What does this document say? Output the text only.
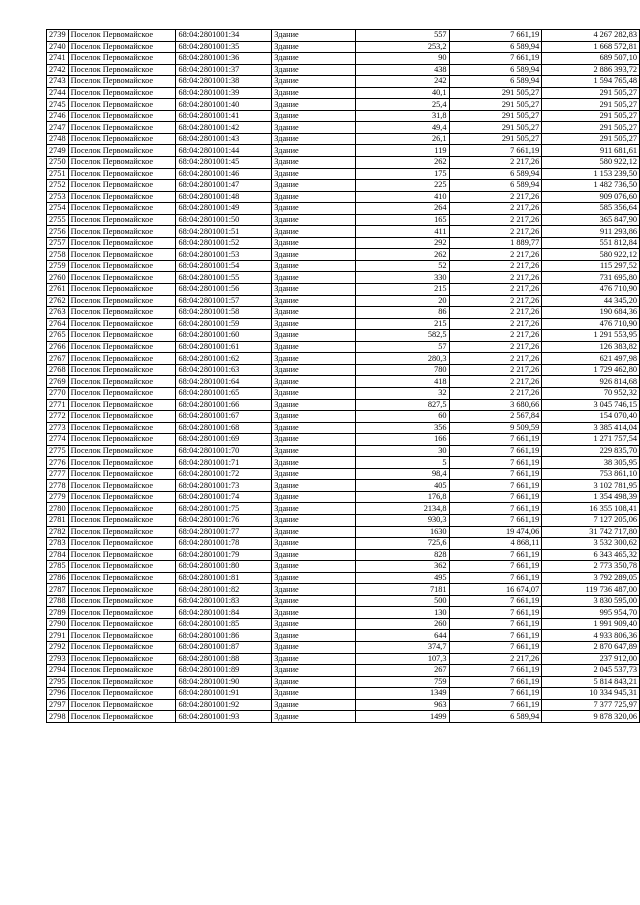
2739	Поселок Первомайское	68:04:2801001:34	Здание	557	7 661,19	4 267 282,83
2740	Поселок Первомайское	68:04:2801001:35	Здание	253,2	6 589,94	1 668 572,81
2741	Поселок Первомайское	68:04:2801001:36	Здание	90	7 661,19	689 507,10
2742	Поселок Первомайское	68:04:2801001:37	Здание	438	6 589,94	2 886 393,72
2743	Поселок Первомайское	68:04:2801001:38	Здание	242	6 589,94	1 594 765,48
2744	Поселок Первомайское	68:04:2801001:39	Здание	40,1	291 505,27	291 505,27
2745	Поселок Первомайское	68:04:2801001:40	Здание	25,4	291 505,27	291 505,27
2746	Поселок Первомайское	68:04:2801001:41	Здание	31,8	291 505,27	291 505,27
2747	Поселок Первомайское	68:04:2801001:42	Здание	49,4	291 505,27	291 505,27
2748	Поселок Первомайское	68:04:2801001:43	Здание	26,1	291 505,27	291 505,27
2749	Поселок Первомайское	68:04:2801001:44	Здание	119	7 661,19	911 681,61
2750	Поселок Первомайское	68:04:2801001:45	Здание	262	2 217,26	580 922,12
2751	Поселок Первомайское	68:04:2801001:46	Здание	175	6 589,94	1 153 239,50
2752	Поселок Первомайское	68:04:2801001:47	Здание	225	6 589,94	1 482 736,50
2753	Поселок Первомайское	68:04:2801001:48	Здание	410	2 217,26	909 076,60
2754	Поселок Первомайское	68:04:2801001:49	Здание	264	2 217,26	585 356,64
2755	Поселок Первомайское	68:04:2801001:50	Здание	165	2 217,26	365 847,90
2756	Поселок Первомайское	68:04:2801001:51	Здание	411	2 217,26	911 293,86
2757	Поселок Первомайское	68:04:2801001:52	Здание	292	1 889,77	551 812,84
2758	Поселок Первомайское	68:04:2801001:53	Здание	262	2 217,26	580 922,12
2759	Поселок Первомайское	68:04:2801001:54	Здание	52	2 217,26	115 297,52
2760	Поселок Первомайское	68:04:2801001:55	Здание	330	2 217,26	731 695,80
2761	Поселок Первомайское	68:04:2801001:56	Здание	215	2 217,26	476 710,90
2762	Поселок Первомайское	68:04:2801001:57	Здание	20	2 217,26	44 345,20
2763	Поселок Первомайское	68:04:2801001:58	Здание	86	2 217,26	190 684,36
2764	Поселок Первомайское	68:04:2801001:59	Здание	215	2 217,26	476 710,90
2765	Поселок Первомайское	68:04:2801001:60	Здание	582,5	2 217,26	1 291 553,95
2766	Поселок Первомайское	68:04:2801001:61	Здание	57	2 217,26	126 383,82
2767	Поселок Первомайское	68:04:2801001:62	Здание	280,3	2 217,26	621 497,98
2768	Поселок Первомайское	68:04:2801001:63	Здание	780	2 217,26	1 729 462,80
2769	Поселок Первомайское	68:04:2801001:64	Здание	418	2 217,26	926 814,68
2770	Поселок Первомайское	68:04:2801001:65	Здание	32	2 217,26	70 952,32
2771	Поселок Первомайское	68:04:2801001:66	Здание	827,5	3 680,66	3 045 746,15
2772	Поселок Первомайское	68:04:2801001:67	Здание	60	2 567,84	154 070,40
2773	Поселок Первомайское	68:04:2801001:68	Здание	356	9 509,59	3 385 414,04
2774	Поселок Первомайское	68:04:2801001:69	Здание	166	7 661,19	1 271 757,54
2775	Поселок Первомайское	68:04:2801001:70	Здание	30	7 661,19	229 835,70
2776	Поселок Первомайское	68:04:2801001:71	Здание	5	7 661,19	38 305,95
2777	Поселок Первомайское	68:04:2801001:72	Здание	98,4	7 661,19	753 861,10
2778	Поселок Первомайское	68:04:2801001:73	Здание	405	7 661,19	3 102 781,95
2779	Поселок Первомайское	68:04:2801001:74	Здание	176,8	7 661,19	1 354 498,39
2780	Поселок Первомайское	68:04:2801001:75	Здание	2134,8	7 661,19	16 355 108,41
2781	Поселок Первомайское	68:04:2801001:76	Здание	930,3	7 661,19	7 127 205,06
2782	Поселок Первомайское	68:04:2801001:77	Здание	1630	19 474,06	31 742 717,80
2783	Поселок Первомайское	68:04:2801001:78	Здание	725,6	4 868,11	3 532 300,62
2784	Поселок Первомайское	68:04:2801001:79	Здание	828	7 661,19	6 343 465,32
2785	Поселок Первомайское	68:04:2801001:80	Здание	362	7 661,19	2 773 350,78
2786	Поселок Первомайское	68:04:2801001:81	Здание	495	7 661,19	3 792 289,05
2787	Поселок Первомайское	68:04:2801001:82	Здание	7181	16 674,07	119 736 487,00
2788	Поселок Первомайское	68:04:2801001:83	Здание	500	7 661,19	3 830 595,00
2789	Поселок Первомайское	68:04:2801001:84	Здание	130	7 661,19	995 954,70
2790	Поселок Первомайское	68:04:2801001:85	Здание	260	7 661,19	1 991 909,40
2791	Поселок Первомайское	68:04:2801001:86	Здание	644	7 661,19	4 933 806,36
2792	Поселок Первомайское	68:04:2801001:87	Здание	374,7	7 661,19	2 870 647,89
2793	Поселок Первомайское	68:04:2801001:88	Здание	107,3	2 217,26	237 912,00
2794	Поселок Первомайское	68:04:2801001:89	Здание	267	7 661,19	2 045 537,73
2795	Поселок Первомайское	68:04:2801001:90	Здание	759	7 661,19	5 814 843,21
2796	Поселок Первомайское	68:04:2801001:91	Здание	1349	7 661,19	10 334 945,31
2797	Поселок Первомайское	68:04:2801001:92	Здание	963	7 661,19	7 377 725,97
2798	Поселок Первомайское	68:04:2801001:93	Здание	1499	6 589,94	9 878 320,06
